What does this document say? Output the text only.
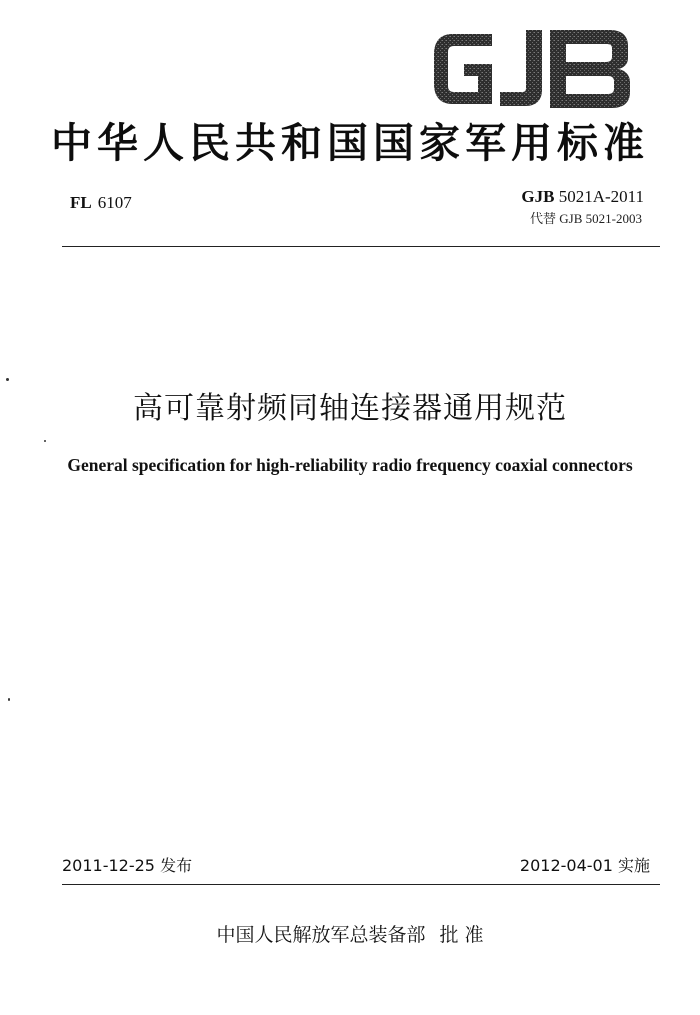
中华人民共和国国家军用标准
FL 6107	GJB 5021A-2011
代替 GJB 5021-2003
高可靠射频同轴连接器通用规范
General specification for high-reliability radio frequency coaxial connectors
2011-12-25 发布	2012-04-01 实施
中国人民解放军总装备部 批 准
